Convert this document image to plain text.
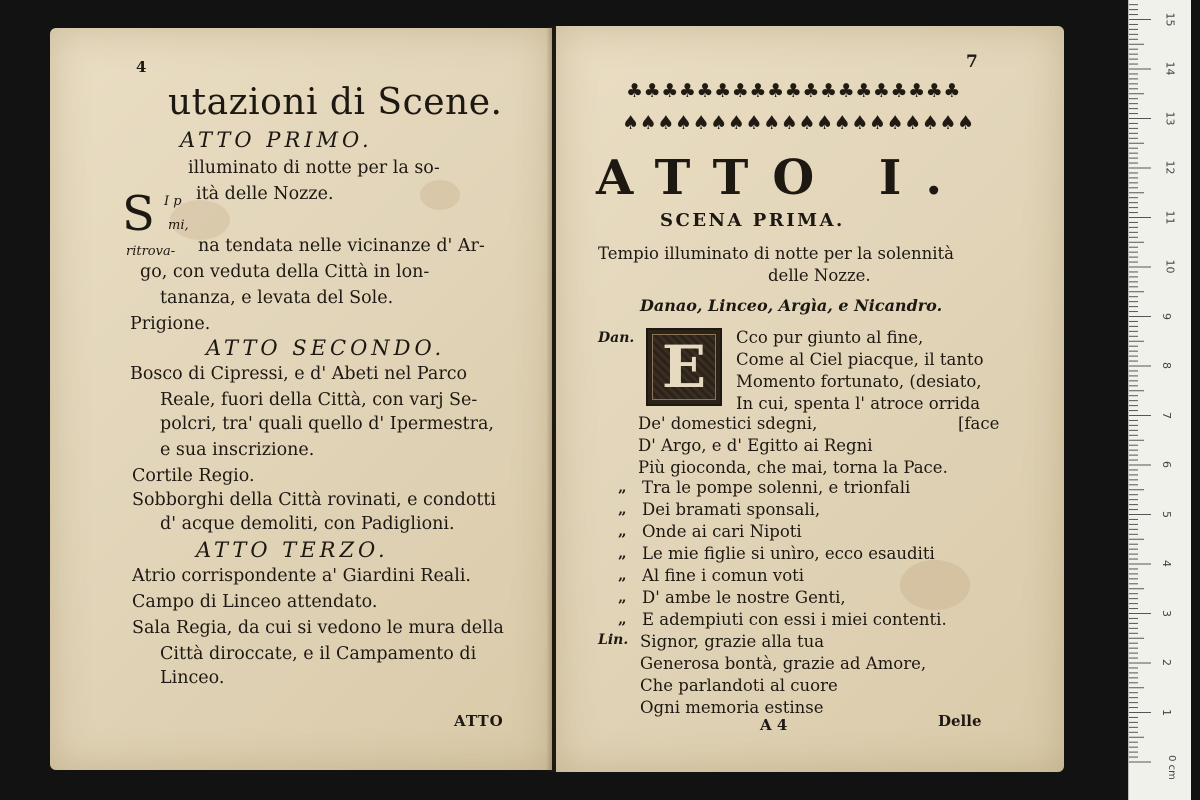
4
utazioni di Scene.
ATTO PRIMO.
illuminato di notte per la so-
ità delle Nozze.
S I p
mi,
ritrova- na tendata nelle vicinanze d' Ar-
go, con veduta della Città in lon-
tananza, e levata del Sole.
Prigione.
ATTO SECONDO.
Bosco di Cipressi, e d' Abeti nel Parco
Reale, fuori della Città, con varj Se-
polcri, tra' quali quello d' Ipermestra,
e sua inscrizione.
Cortile Regio.
Sobborghi della Città rovinati, e condotti
d' acque demoliti, con Padiglioni.
ATTO TERZO.
Atrio corrispondente a' Giardini Reali.
Campo di Linceo attendato.
Sala Regia, da cui si vedono le mura della
Città diroccate, e il Campamento di
Linceo.
ATTO
7
♣♣♣♣♣♣♣♣♣♣♣♣♣♣♣♣♣♣♣
♠♠♠♠♠♠♠♠♠♠♠♠♠♠♠♠♠♠♠♠
ATTO I.
SCENA PRIMA.
Tempio illuminato di notte per la solennità
delle Nozze.
Danao, Linceo, Argìa, e Nicandro.
Dan. E Cco pur giunto al fine,
Come al Ciel piacque, il tanto
Momento fortunato, (desiato,
In cui, spenta l' atroce orrida
De' domestici sdegni,	[face
D' Argo, e d' Egitto ai Regni
Più gioconda, che mai, torna la Pace.
„ Tra le pompe solenni, e trionfali
„ Dei bramati sponsali,
„ Onde ai cari Nipoti
„ Le mie figlie si unìro, ecco esauditi
„ Al fine i comun voti
„ D' ambe le nostre Genti,
„ E adempiuti con essi i miei contenti.
Lin. Signor, grazie alla tua
Generosa bontà, grazie ad Amore,
Che parlandoti al cuore
Ogni memoria estinse
A 4	Delle	1
2
3
4
5
6
7
8
9
10
11
12
13
14
15
0 cm
